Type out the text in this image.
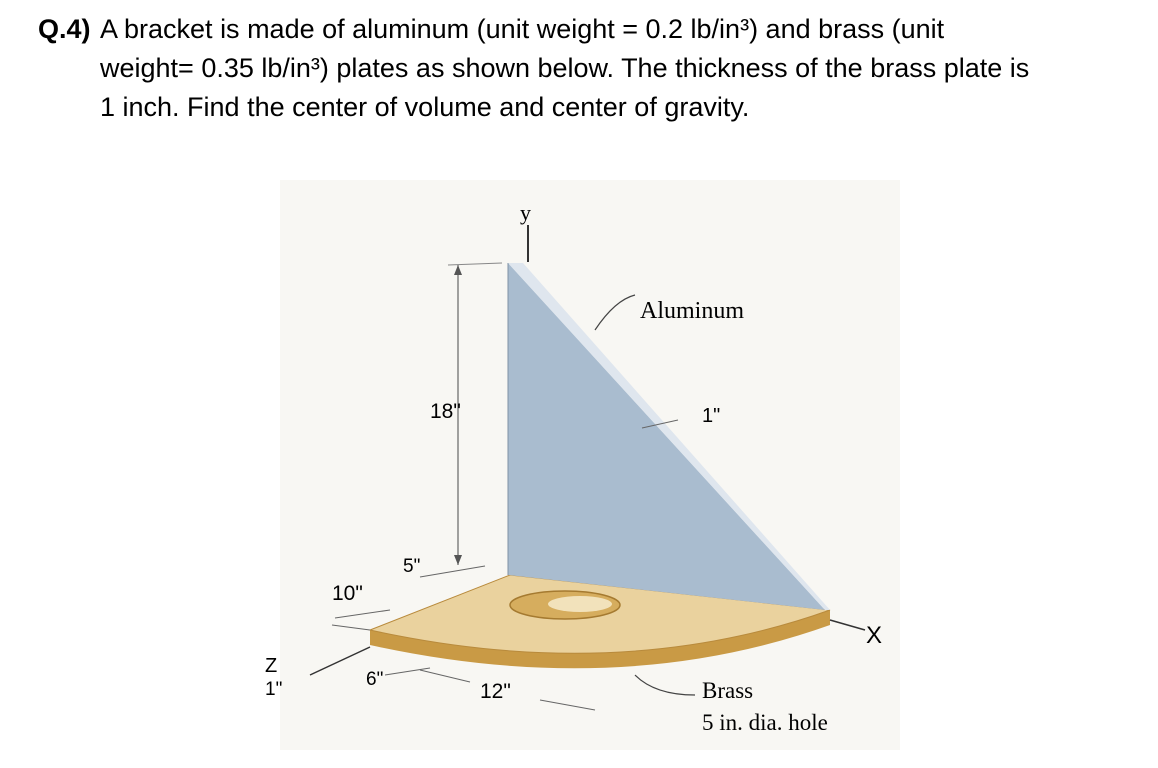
Q.4) A bracket is made of aluminum (unit weight = 0.2 lb/in³) and brass (unit
weight= 0.35 lb/in³) plates as shown below. The thickness of the brass plate is
1 inch. Find the center of volume and center of gravity.
y
X
Z
18"
Aluminum
1"
5"
10"
6"
12"
1"	Brass
5 in. dia. hole
